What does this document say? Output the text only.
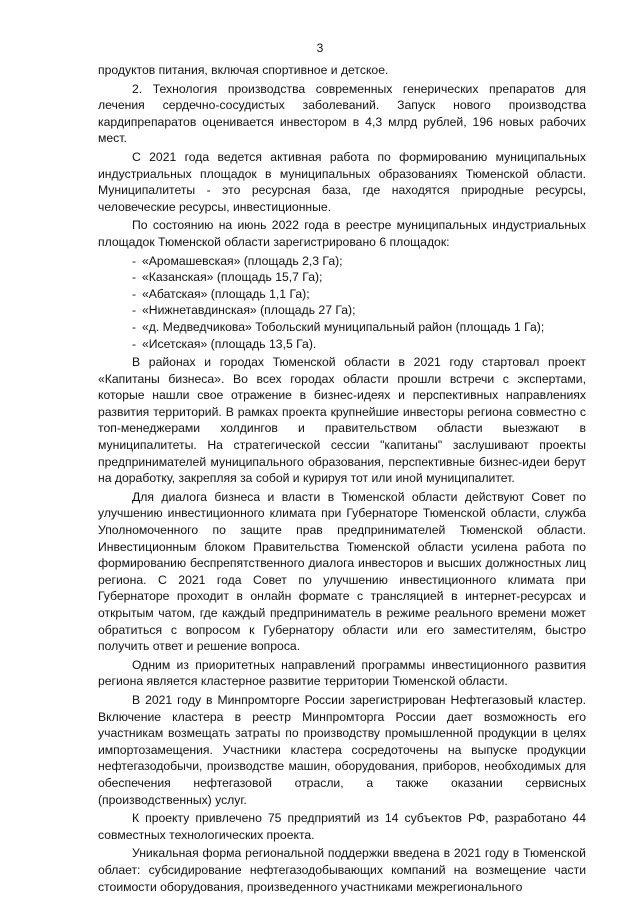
3

продуктов питания, включая спортивное и детское.

2. Технология производства современных генерических препаратов для лечения сердечно-сосудистых заболеваний. Запуск нового производства кардипрепаратов оценивается инвестором в 4,3 млрд рублей, 196 новых рабочих мест.

С 2021 года ведется активная работа по формированию муниципальных индустриальных площадок в муниципальных образованиях Тюменской области. Муниципалитеты - это ресурсная база, где находятся природные ресурсы, человеческие ресурсы, инвестиционные.

По состоянию на июнь 2022 года в реестре муниципальных индустриальных площадок Тюменской области зарегистрировано 6 площадок:

- «Аромашевская» (площадь 2,3 Га);
- «Казанская» (площадь 15,7 Га);
- «Абатская» (площадь 1,1 Га);
- «Нижнетавдинская» (площадь 27 Га);
- «д. Медведчикова» Тобольский муниципальный район (площадь 1 Га);
- «Исетская» (площадь 13,5 Га).

В районах и городах Тюменской области в 2021 году стартовал проект «Капитаны бизнеса». Во всех городах области прошли встречи с экспертами, которые нашли свое отражение в бизнес-идеях и перспективных направлениях развития территорий. В рамках проекта крупнейшие инвесторы региона совместно с топ-менеджерами холдингов и правительством области выезжают в муниципалитеты. На стратегической сессии "капитаны" заслушивают проекты предпринимателей муниципального образования, перспективные бизнес-идеи берут на доработку, закрепляя за собой и курируя тот или иной муниципалитет.

Для диалога бизнеса и власти в Тюменской области действуют Совет по улучшению инвестиционного климата при Губернаторе Тюменской области, служба Уполномоченного по защите прав предпринимателей Тюменской области. Инвестиционным блоком Правительства Тюменской области усилена работа по формированию беспрепятственного диалога инвесторов и высших должностных лиц региона. С 2021 года Совет по улучшению инвестиционного климата при Губернаторе проходит в онлайн формате с трансляцией в интернет-ресурсах и открытым чатом, где каждый предприниматель в режиме реального времени может обратиться с вопросом к Губернатору области или его заместителям, быстро получить ответ и решение вопроса.

Одним из приоритетных направлений программы инвестиционного развития региона является кластерное развитие территории Тюменской области.

В 2021 году в Минпромторге России зарегистрирован Нефтегазовый кластер. Включение кластера в реестр Минпромторга России дает возможность его участникам возмещать затраты по производству промышленной продукции в целях импортозамещения. Участники кластера сосредоточены на выпуске продукции нефтегазодобычи, производстве машин, оборудования, приборов, необходимых для обеспечения нефтегазовой отрасли, а также оказании сервисных (производственных) услуг.

К проекту привлечено 75 предприятий из 14 субъектов РФ, разработано 44 совместных технологических проекта.

Уникальная форма региональной поддержки введена в 2021 году в Тюменской облает: субсидирование нефтегазодобывающих компаний на возмещение части стоимости оборудования, произведенного участниками межрегионального
